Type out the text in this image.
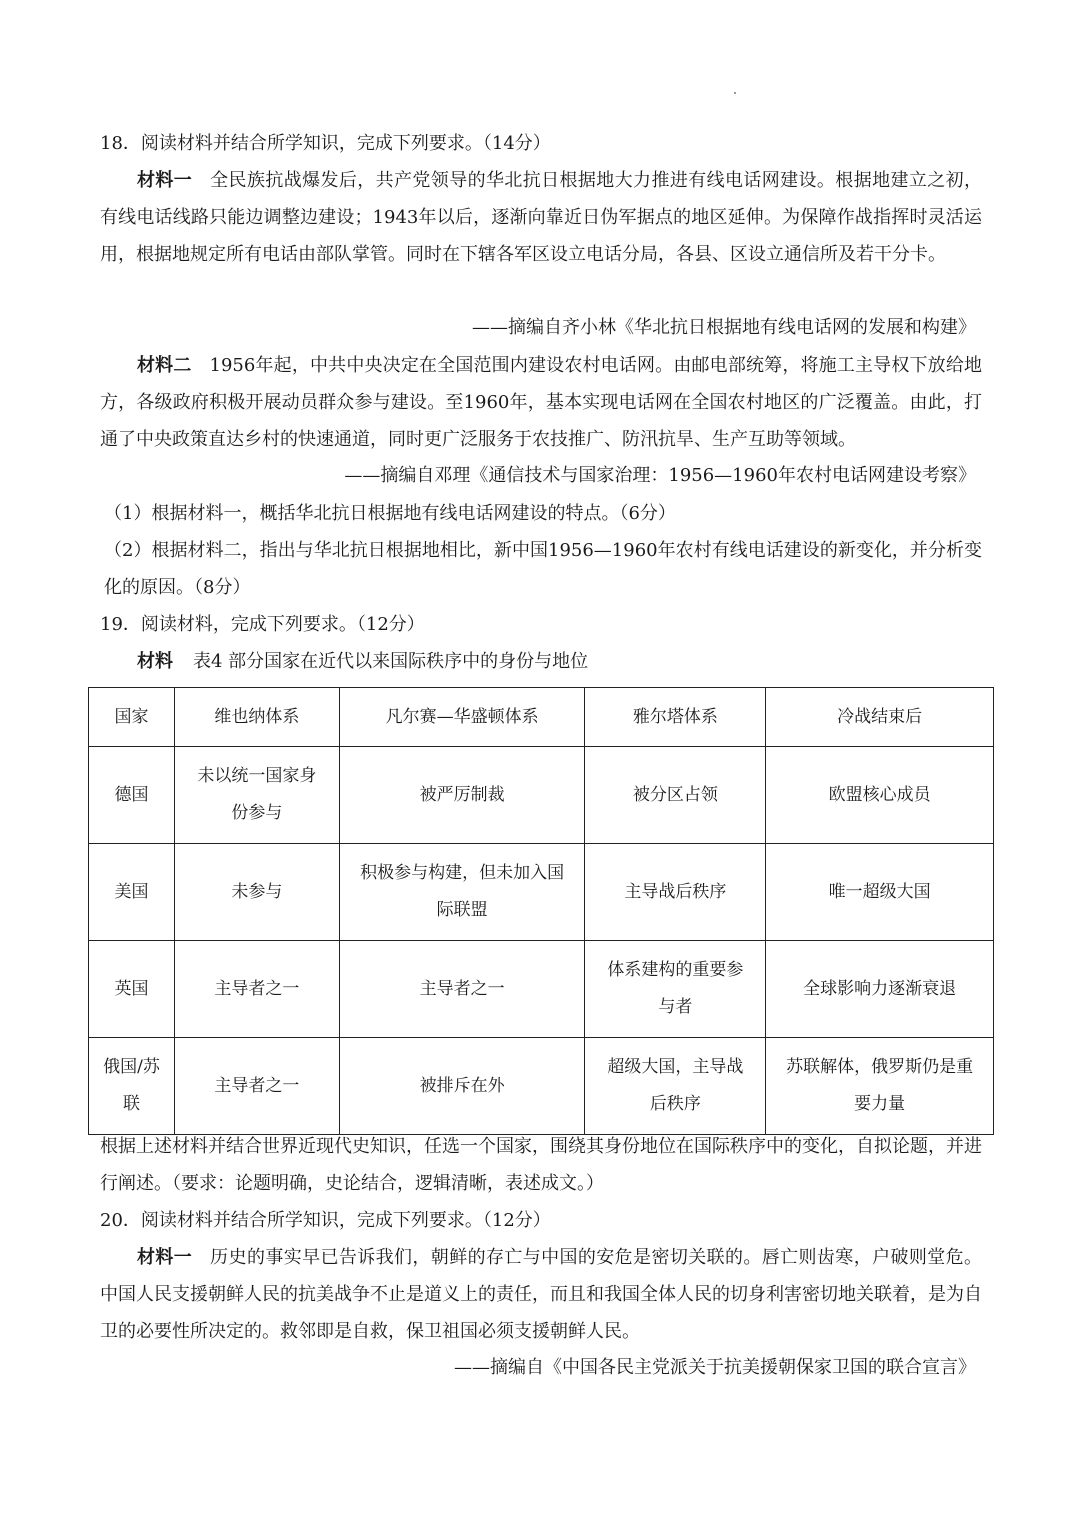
18．阅读材料并结合所学知识，完成下列要求。（14分）
材料一 全民族抗战爆发后，共产党领导的华北抗日根据地大力推进有线电话网建设。根据地建立之初，有线电话线路只能边调整边建设；1943年以后，逐渐向靠近日伪军据点的地区延伸。为保障作战指挥时灵活运用，根据地规定所有电话由部队掌管。同时在下辖各军区设立电话分局，各县、区设立通信所及若干分卡。
——摘编自齐小林《华北抗日根据地有线电话网的发展和构建》
材料二 1956年起，中共中央决定在全国范围内建设农村电话网。由邮电部统筹，将施工主导权下放给地方，各级政府积极开展动员群众参与建设。至1960年，基本实现电话网在全国农村地区的广泛覆盖。由此，打通了中央政策直达乡村的快速通道，同时更广泛服务于农技推广、防汛抗旱、生产互助等领域。
——摘编自邓理《通信技术与国家治理：1956—1960年农村电话网建设考察》
（1）根据材料一，概括华北抗日根据地有线电话网建设的特点。（6分）
（2）根据材料二，指出与华北抗日根据地相比，新中国1956—1960年农村有线电话建设的新变化，并分析变化的原因。（8分）
19．阅读材料，完成下列要求。（12分）
材料 表4 部分国家在近代以来国际秩序中的身份与地位
国家	维也纳体系	凡尔赛—华盛顿体系	雅尔塔体系	冷战结束后
德国	未以统一国家身份参与	被严厉制裁	被分区占领	欧盟核心成员
美国	未参与	积极参与构建，但未加入国际联盟	主导战后秩序	唯一超级大国
英国	主导者之一	主导者之一	体系建构的重要参与者	全球影响力逐渐衰退
俄国/苏联	主导者之一	被排斥在外	超级大国，主导战后秩序	苏联解体，俄罗斯仍是重要力量
根据上述材料并结合世界近现代史知识，任选一个国家，围绕其身份地位在国际秩序中的变化，自拟论题，并进行阐述。（要求：论题明确，史论结合，逻辑清晰，表述成文。）
20．阅读材料并结合所学知识，完成下列要求。（12分）
材料一 历史的事实早已告诉我们，朝鲜的存亡与中国的安危是密切关联的。唇亡则齿寒，户破则堂危。中国人民支援朝鲜人民的抗美战争不止是道义上的责任，而且和我国全体人民的切身利害密切地关联着，是为自卫的必要性所决定的。救邻即是自救，保卫祖国必须支援朝鲜人民。
——摘编自《中国各民主党派关于抗美援朝保家卫国的联合宣言》
